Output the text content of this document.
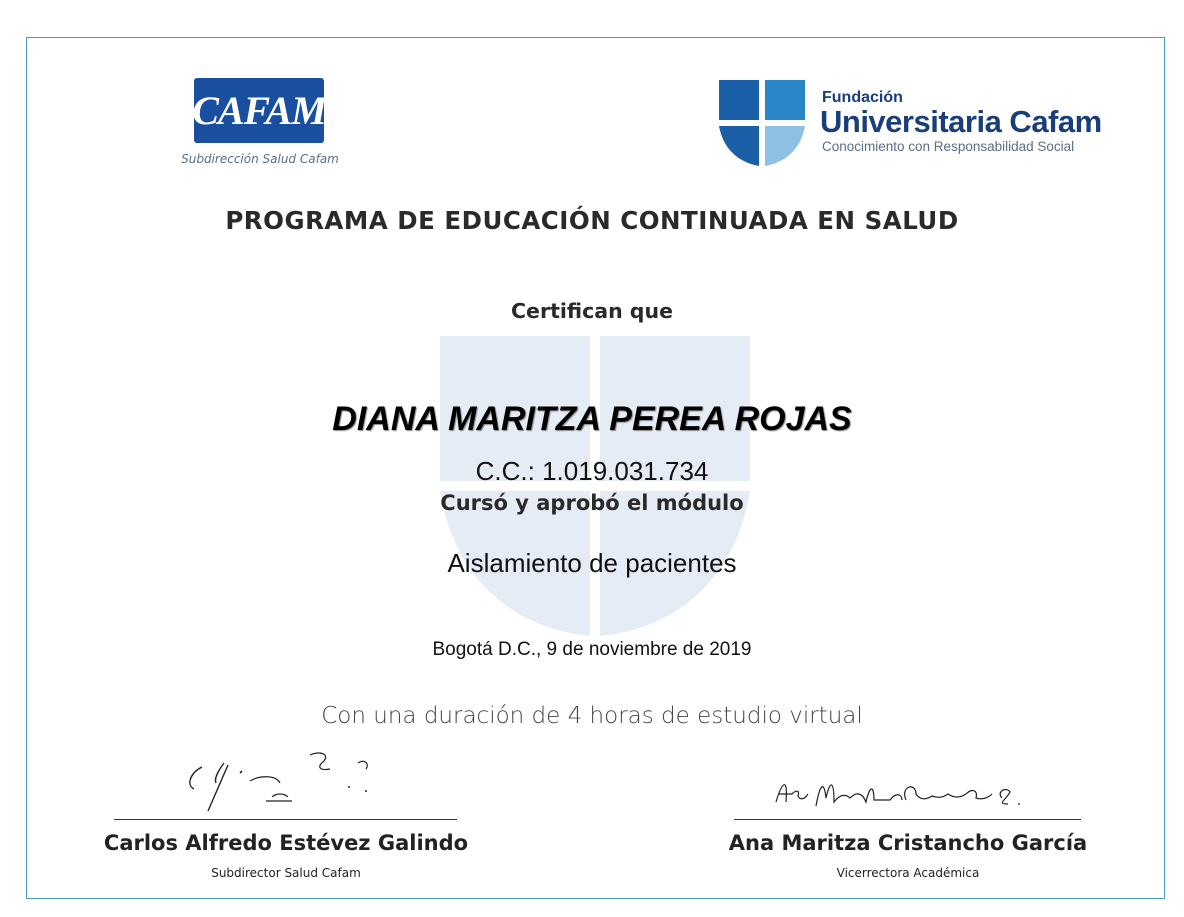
CAFAM
Subdirección Salud Cafam
Fundación
Universitaria Cafam
Conocimiento con Responsabilidad Social
PROGRAMA DE EDUCACIÓN CONTINUADA EN SALUD
Certifican que
DIANA MARITZA PEREA ROJAS
C.C.: 1.019.031.734
Cursó y aprobó el módulo
Aislamiento de pacientes
Bogotá D.C., 9 de noviembre de 2019
Con una duración de 4 horas de estudio virtual
Carlos Alfredo Estévez Galindo
Subdirector Salud Cafam
Ana Maritza Cristancho García
Vicerrectora Académica
